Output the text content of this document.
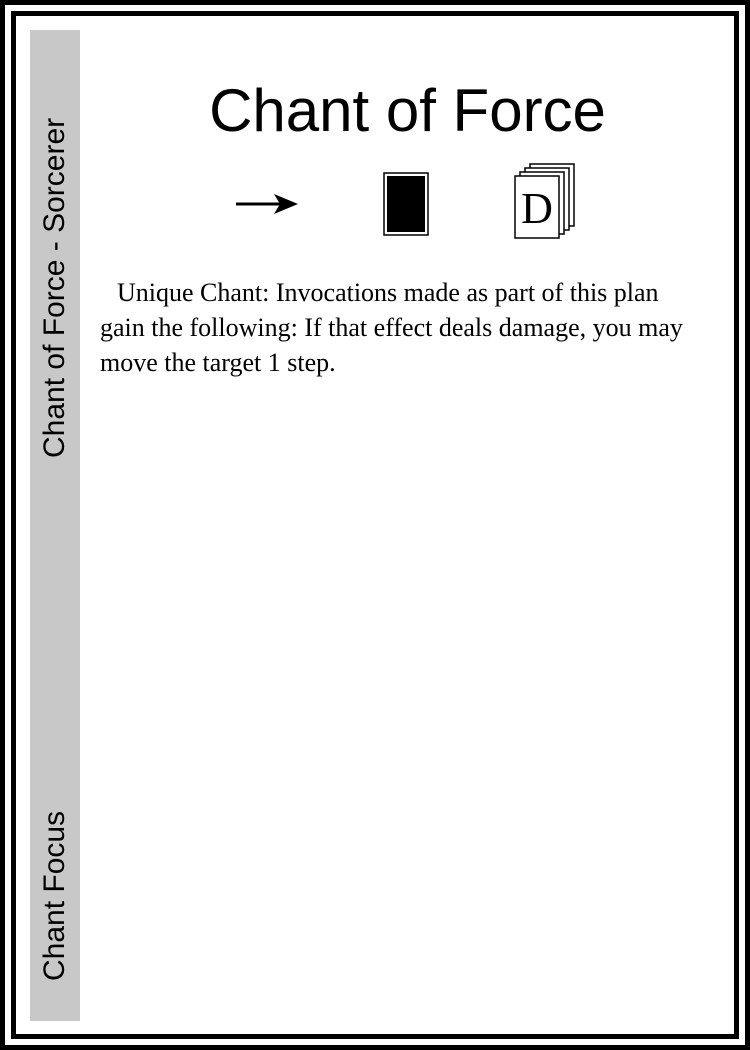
Chant of Force - Sorcerer
Chant Focus
Chant of Force
D
Unique Chant: Invocations made as part of this plan gain the following: If that effect deals damage, you may move the target 1 step.
